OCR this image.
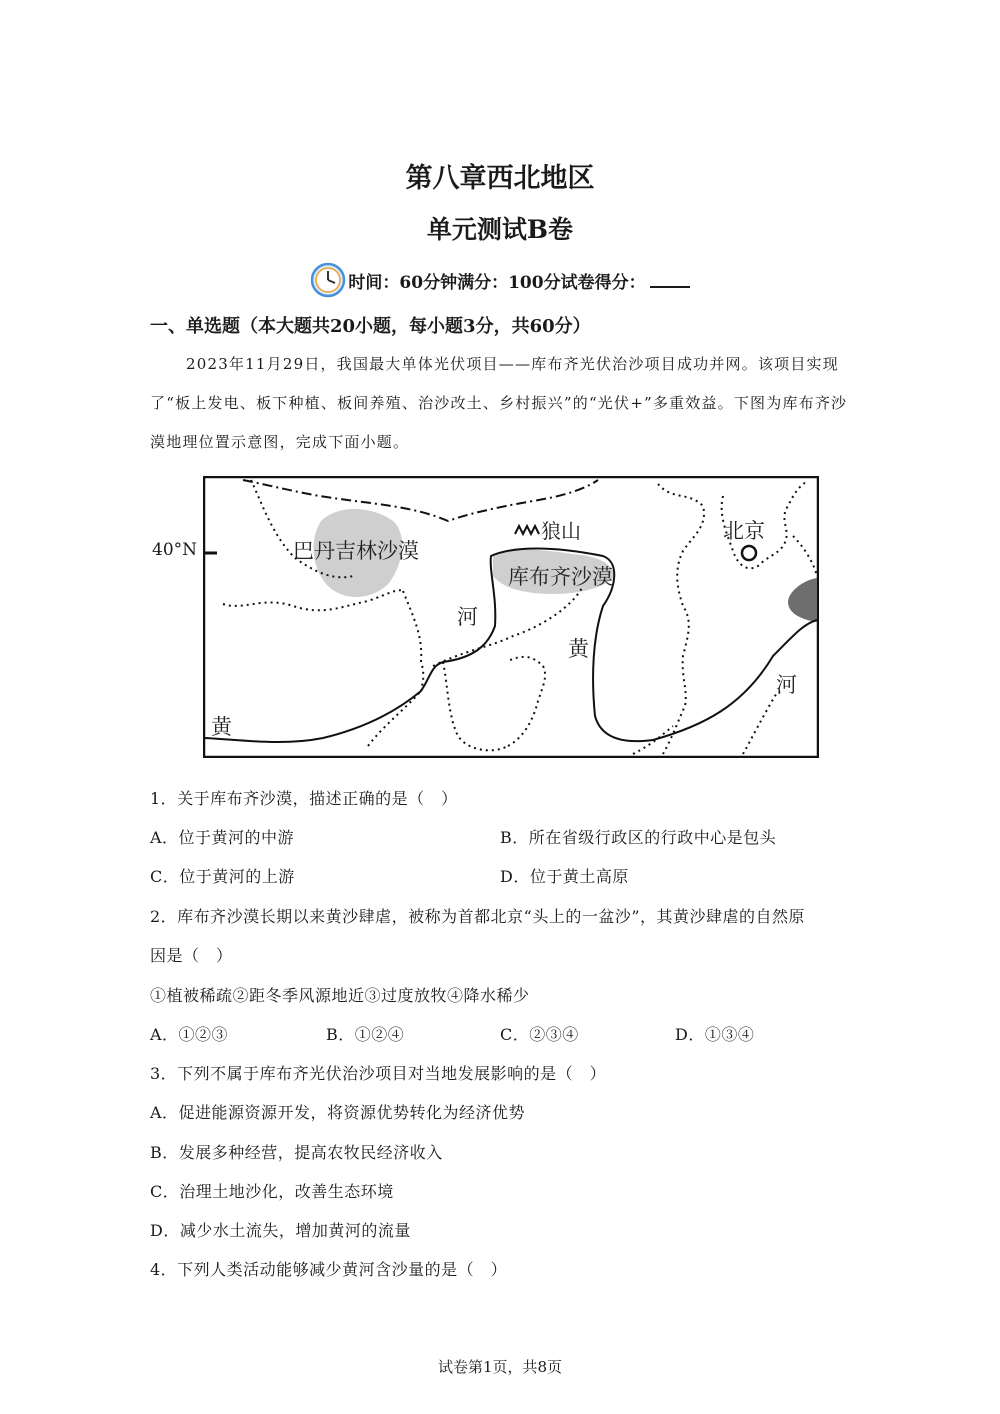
第八章西北地区
单元测试B卷
时间：60分钟满分：100分试卷得分：
一、单选题（本大题共20小题，每小题3分，共60分）
2023年11月29日，我国最大单体光伏项目——库布齐光伏治沙项目成功并网。该项目实现了“板上发电、板下种植、板间养殖、治沙改土、乡村振兴”的“光伏+”多重效益。下图为库布齐沙漠地理位置示意图，完成下面小题。
巴丹吉林沙漠
库布齐沙漠
狼山	北京
河
黄
河
黄
40°N
1．关于库布齐沙漠，描述正确的是（　）
A．位于黄河的中游	B．所在省级行政区的行政中心是包头
C．位于黄河的上游	D．位于黄土高原
2．库布齐沙漠长期以来黄沙肆虐，被称为首都北京“头上的一盆沙”，其黄沙肆虐的自然原
因是（　）
①植被稀疏②距冬季风源地近③过度放牧④降水稀少
A．①②③	B．①②④	C．②③④	D．①③④
3．下列不属于库布齐光伏治沙项目对当地发展影响的是（　）
A．促进能源资源开发，将资源优势转化为经济优势
B．发展多种经营，提高农牧民经济收入
C．治理土地沙化，改善生态环境
D．减少水土流失，增加黄河的流量
4．下列人类活动能够减少黄河含沙量的是（　）
试卷第1页，共8页
